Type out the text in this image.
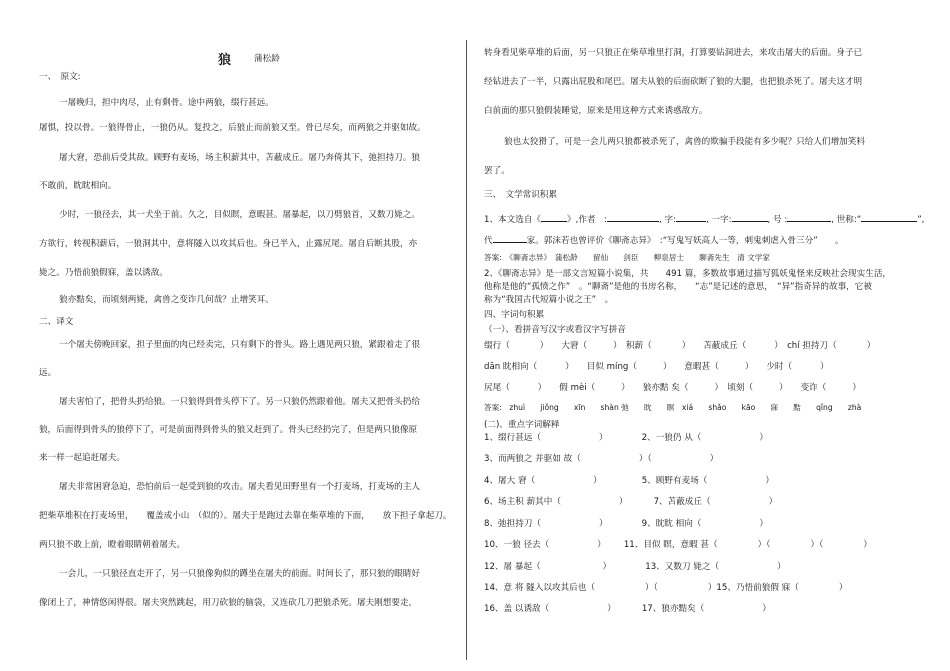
狼	蒲松龄
一、　原文:
一屠晚归，担中肉尽，止有剩骨。途中两狼，缀行甚远。
屠惧，投以骨。一狼得骨止，一狼仍从。复投之，后狼止而前狼又至。骨已尽矣，而两狼之并驱如故。
屠大窘，恐前后受其敌。顾野有麦场，场主积薪其中，苫蔽成丘。屠乃奔倚其下，弛担持刀。狼
不敢前，眈眈相向。
少时，一狼径去，其一犬坐于前。久之，目似瞑，意暇甚。屠暴起，以刀劈狼首，又数刀毙之。
方欲行，转视积薪后，一狼洞其中，意将隧入以攻其后也。身已半入，止露尻尾。屠自后断其股，亦
毙之。乃悟前狼假寐，盖以诱敌。
狼亦黠矣，而顷刻两毙，禽兽之变诈几何哉？止增笑耳。
二、译文
一个屠夫傍晚回家，担子里面的肉已经卖完，只有剩下的骨头。路上遇见两只狼，紧跟着走了很
远。
屠夫害怕了，把骨头扔给狼。一只狼得到骨头停下了。另一只狼仍然跟着他。屠夫又把骨头扔给
狼，后面得到骨头的狼停下了，可是前面得到骨头的狼又赶到了。骨头已经扔完了，但是两只狼像原
来一样一起追赶屠夫。
屠夫非常困窘急迫，恐怕前后一起受到狼的攻击。屠夫看见田野里有一个打麦场，打麦场的主人
把柴草堆积在打麦场里，　　覆盖成小山　（似的）。屠夫于是跑过去靠在柴草堆的下面，　　放下担子拿起刀。
两只狼不敢上前，瞪着眼睛朝着屠夫。
一会儿，一只狼径直走开了，另一只狼像狗似的蹲坐在屠夫的前面。时间长了，那只狼的眼睛好
像闭上了，神情悠闲得很。屠夫突然跳起，用刀砍狼的脑袋，又连砍几刀把狼杀死。屠夫刚想要走，
转身看见柴草堆的后面，另一只狼正在柴草堆里打洞，打算要钻洞进去，来攻击屠夫的后面。身子已
经钻进去了一半，只露出屁股和尾巴。屠夫从狼的后面砍断了狼的大腿，也把狼杀死了。屠夫这才明
白前面的那只狼假装睡觉，原来是用这种方式来诱惑敌方。
狼也太狡猾了，可是一会儿两只狼都被杀死了，禽兽的欺骗手段能有多少呢？只给人们增加笑料
罢了。
三、　文学常识积累
1、本文选自《	》,作者　:	, 字:	, 一字:	, 号 :	, 世称:“	”,
代	家。郭沫若也曾评价《聊斋志异》　:“写鬼写妖高人一等，刺鬼刺虐入骨三分”　　。
答案:　《聊斋志异》　蒲松龄　　留仙　　剑臣　　柳泉居士　　聊斋先生　清 文学家
2、《聊斋志异》是一部文言短篇小说集，共　　491 篇，多数故事通过描写狐妖鬼怪来反映社会现实生活，
他称是他的“孤愤之作”　。“聊斋”是他的书房名称，　　“志”是记述的意思，　“异”指奇异的故事，它被
称为“我国古代短篇小说之王”　。
四、字词句积累
（一）、看拼音写汉字或看汉字写拼音
缀行（	）　　大窘（	）　积薪（	）　　苫蔽成丘（	）　chí 担持刀（	）
dān 眈相向（	）　　目似 míng（	）　　意暇甚（	）　　少时（	）
尻尾（	）　　假 mèi（	）　　狼亦黠 矣（	）　顷刻（	）　　变诈（	）
答案:　zhuì　　jiǒng　　xīn　　shàn 弛　　眈　　瞑　xiá　　shǎo　　kāo　　寐　　黠　　qǐng　　zhà
(二)、重点字词解释
1、缀行甚远（	）	2、一狼仍 从（	）
3、而两狼之 并驱如 故（	）（	）
4、屠大 窘（	）	5、顾野有麦场（	）
6、场主积 薪其中（	）	7、苫蔽成丘（	）
8、弛担持刀（	）	9、眈眈 相向（	）
10、一狼 径去（	） 11、目似 瞑，意暇 甚（	）（	）（	）
12、屠 暴起（	）	13、又数刀 毙之（	）
14、意 将 隧入以攻其后也（	）（	）15、乃悟前狼假 寐（	）
16、盖 以诱敌（	）	17、狼亦黠矣（	）
